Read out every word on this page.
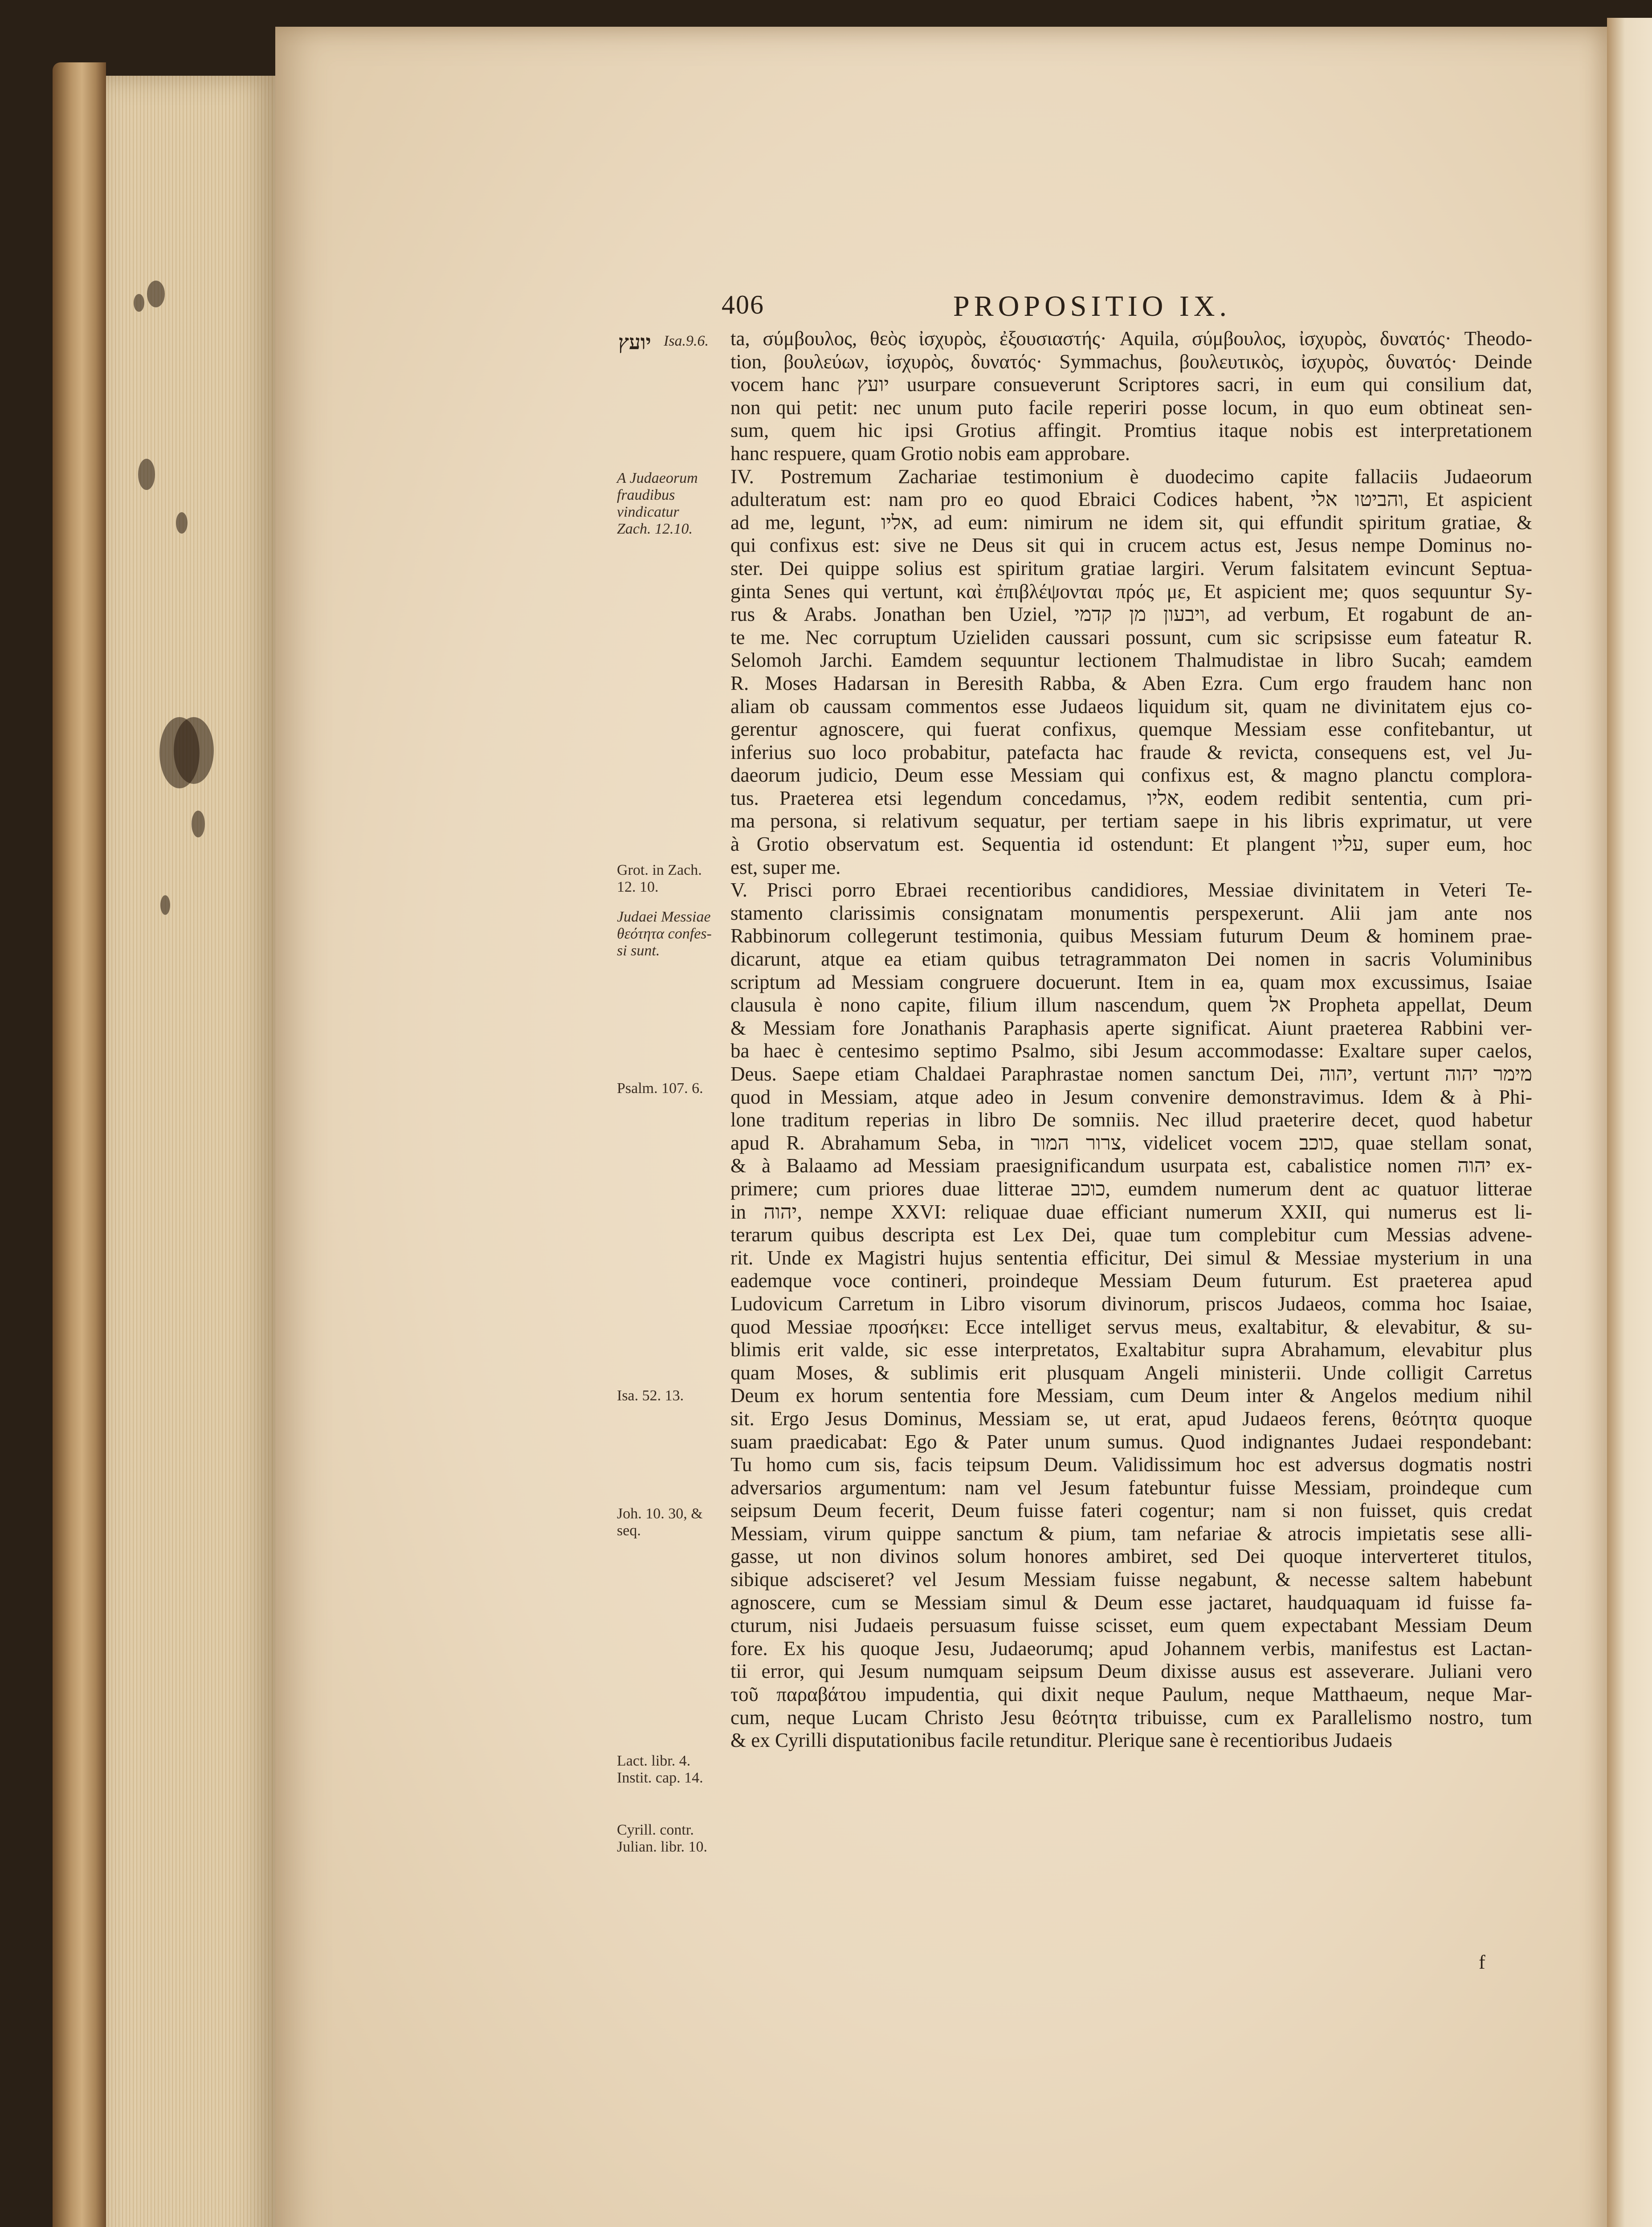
406	PROPOSITIO IX.
יועץ Isa.9.6.
A Judaeorum
fraudibus
vindicatur
Zach. 12.10.
Grot. in Zach.
12. 10.
Judaei Messiae
θεότητα confes-
si sunt.
Psalm. 107. 6.
Isa. 52. 13.
Joh. 10. 30, &
seq.
Lact. libr. 4.
Instit. cap. 14.
Cyrill. contr.
Julian. libr. 10.
ta, σύμβουλος, θεὸς ἰσχυρὸς, ἐξουσιαστής· Aquila, σύμβουλος, ἰσχυρὸς, δυνατός· Theodo-
tion, βουλεύων, ἰσχυρὸς, δυνατός· Symmachus, βουλευτικὸς, ἰσχυρὸς, δυνατός· Deinde
vocem hanc יועץ usurpare consueverunt Scriptores sacri, in eum qui consilium dat,
non qui petit: nec unum puto facile reperiri posse locum, in quo eum obtineat sen-
sum, quem hic ipsi Grotius affingit. Promtius itaque nobis est interpretationem
hanc respuere, quam Grotio nobis eam approbare.
IV. Postremum Zachariae testimonium è duodecimo capite fallaciis Judaeorum
adulteratum est: nam pro eo quod Ebraici Codices habent, והביטו אלי, Et aspicient
ad me, legunt, אליו, ad eum: nimirum ne idem sit, qui effundit spiritum gratiae, &
qui confixus est: sive ne Deus sit qui in crucem actus est, Jesus nempe Dominus no-
ster. Dei quippe solius est spiritum gratiae largiri. Verum falsitatem evincunt Septua-
ginta Senes qui vertunt, καὶ ἐπιβλέψονται πρός με, Et aspicient me; quos sequuntur Sy-
rus & Arabs. Jonathan ben Uziel, ויבעון מן קדמי, ad verbum, Et rogabunt de an-
te me. Nec corruptum Uzieliden caussari possunt, cum sic scripsisse eum fateatur R.
Selomoh Jarchi. Eamdem sequuntur lectionem Thalmudistae in libro Sucah; eamdem
R. Moses Hadarsan in Beresith Rabba, & Aben Ezra. Cum ergo fraudem hanc non
aliam ob caussam commentos esse Judaeos liquidum sit, quam ne divinitatem ejus co-
gerentur agnoscere, qui fuerat confixus, quemque Messiam esse confitebantur, ut
inferius suo loco probabitur, patefacta hac fraude & revicta, consequens est, vel Ju-
daeorum judicio, Deum esse Messiam qui confixus est, & magno planctu complora-
tus. Praeterea etsi legendum concedamus, אליו, eodem redibit sententia, cum pri-
ma persona, si relativum sequatur, per tertiam saepe in his libris exprimatur, ut vere
à Grotio observatum est. Sequentia id ostendunt: Et plangent עליו, super eum, hoc
est, super me.
V. Prisci porro Ebraei recentioribus candidiores, Messiae divinitatem in Veteri Te-
stamento clarissimis consignatam monumentis perspexerunt. Alii jam ante nos
Rabbinorum collegerunt testimonia, quibus Messiam futurum Deum & hominem prae-
dicarunt, atque ea etiam quibus tetragrammaton Dei nomen in sacris Voluminibus
scriptum ad Messiam congruere docuerunt. Item in ea, quam mox excussimus, Isaiae
clausula è nono capite, filium illum nascendum, quem אל Propheta appellat, Deum
& Messiam fore Jonathanis Paraphasis aperte significat. Aiunt praeterea Rabbini ver-
ba haec è centesimo septimo Psalmo, sibi Jesum accommodasse: Exaltare super caelos,
Deus. Saepe etiam Chaldaei Paraphrastae nomen sanctum Dei, יהוה, vertunt מימר יהוה
quod in Messiam, atque adeo in Jesum convenire demonstravimus. Idem & à Phi-
lone traditum reperias in libro De somniis. Nec illud praeterire decet, quod habetur
apud R. Abrahamum Seba, in צרור המור, videlicet vocem כוכב, quae stellam sonat,
& à Balaamo ad Messiam praesignificandum usurpata est, cabalistice nomen יהוה ex-
primere; cum priores duae litterae כוכב, eumdem numerum dent ac quatuor litterae
in יהוה, nempe XXVI: reliquae duae efficiant numerum XXII, qui numerus est li-
terarum quibus descripta est Lex Dei, quae tum complebitur cum Messias advene-
rit. Unde ex Magistri hujus sententia efficitur, Dei simul & Messiae mysterium in una
eademque voce contineri, proindeque Messiam Deum futurum. Est praeterea apud
Ludovicum Carretum in Libro visorum divinorum, priscos Judaeos, comma hoc Isaiae,
quod Messiae προσήκει: Ecce intelliget servus meus, exaltabitur, & elevabitur, & su-
blimis erit valde, sic esse interpretatos, Exaltabitur supra Abrahamum, elevabitur plus
quam Moses, & sublimis erit plusquam Angeli ministerii. Unde colligit Carretus
Deum ex horum sententia fore Messiam, cum Deum inter & Angelos medium nihil
sit. Ergo Jesus Dominus, Messiam se, ut erat, apud Judaeos ferens, θεότητα quoque
suam praedicabat: Ego & Pater unum sumus. Quod indignantes Judaei respondebant:
Tu homo cum sis, facis teipsum Deum. Validissimum hoc est adversus dogmatis nostri
adversarios argumentum: nam vel Jesum fatebuntur fuisse Messiam, proindeque cum
seipsum Deum fecerit, Deum fuisse fateri cogentur; nam si non fuisset, quis credat
Messiam, virum quippe sanctum & pium, tam nefariae & atrocis impietatis sese alli-
gasse, ut non divinos solum honores ambiret, sed Dei quoque interverteret titulos,
sibique adsciseret? vel Jesum Messiam fuisse negabunt, & necesse saltem habebunt
agnoscere, cum se Messiam simul & Deum esse jactaret, haudquaquam id fuisse fa-
cturum, nisi Judaeis persuasum fuisse scisset, eum quem expectabant Messiam Deum
fore. Ex his quoque Jesu, Judaeorumq; apud Johannem verbis, manifestus est Lactan-
tii error, qui Jesum numquam seipsum Deum dixisse ausus est asseverare. Juliani vero
τοῦ παραβάτου impudentia, qui dixit neque Paulum, neque Matthaeum, neque Mar-
cum, neque Lucam Christo Jesu θεότητα tribuisse, cum ex Parallelismo nostro, tum
& ex Cyrilli disputationibus facile retunditur. Plerique sane è recentioribus Judaeis
f
